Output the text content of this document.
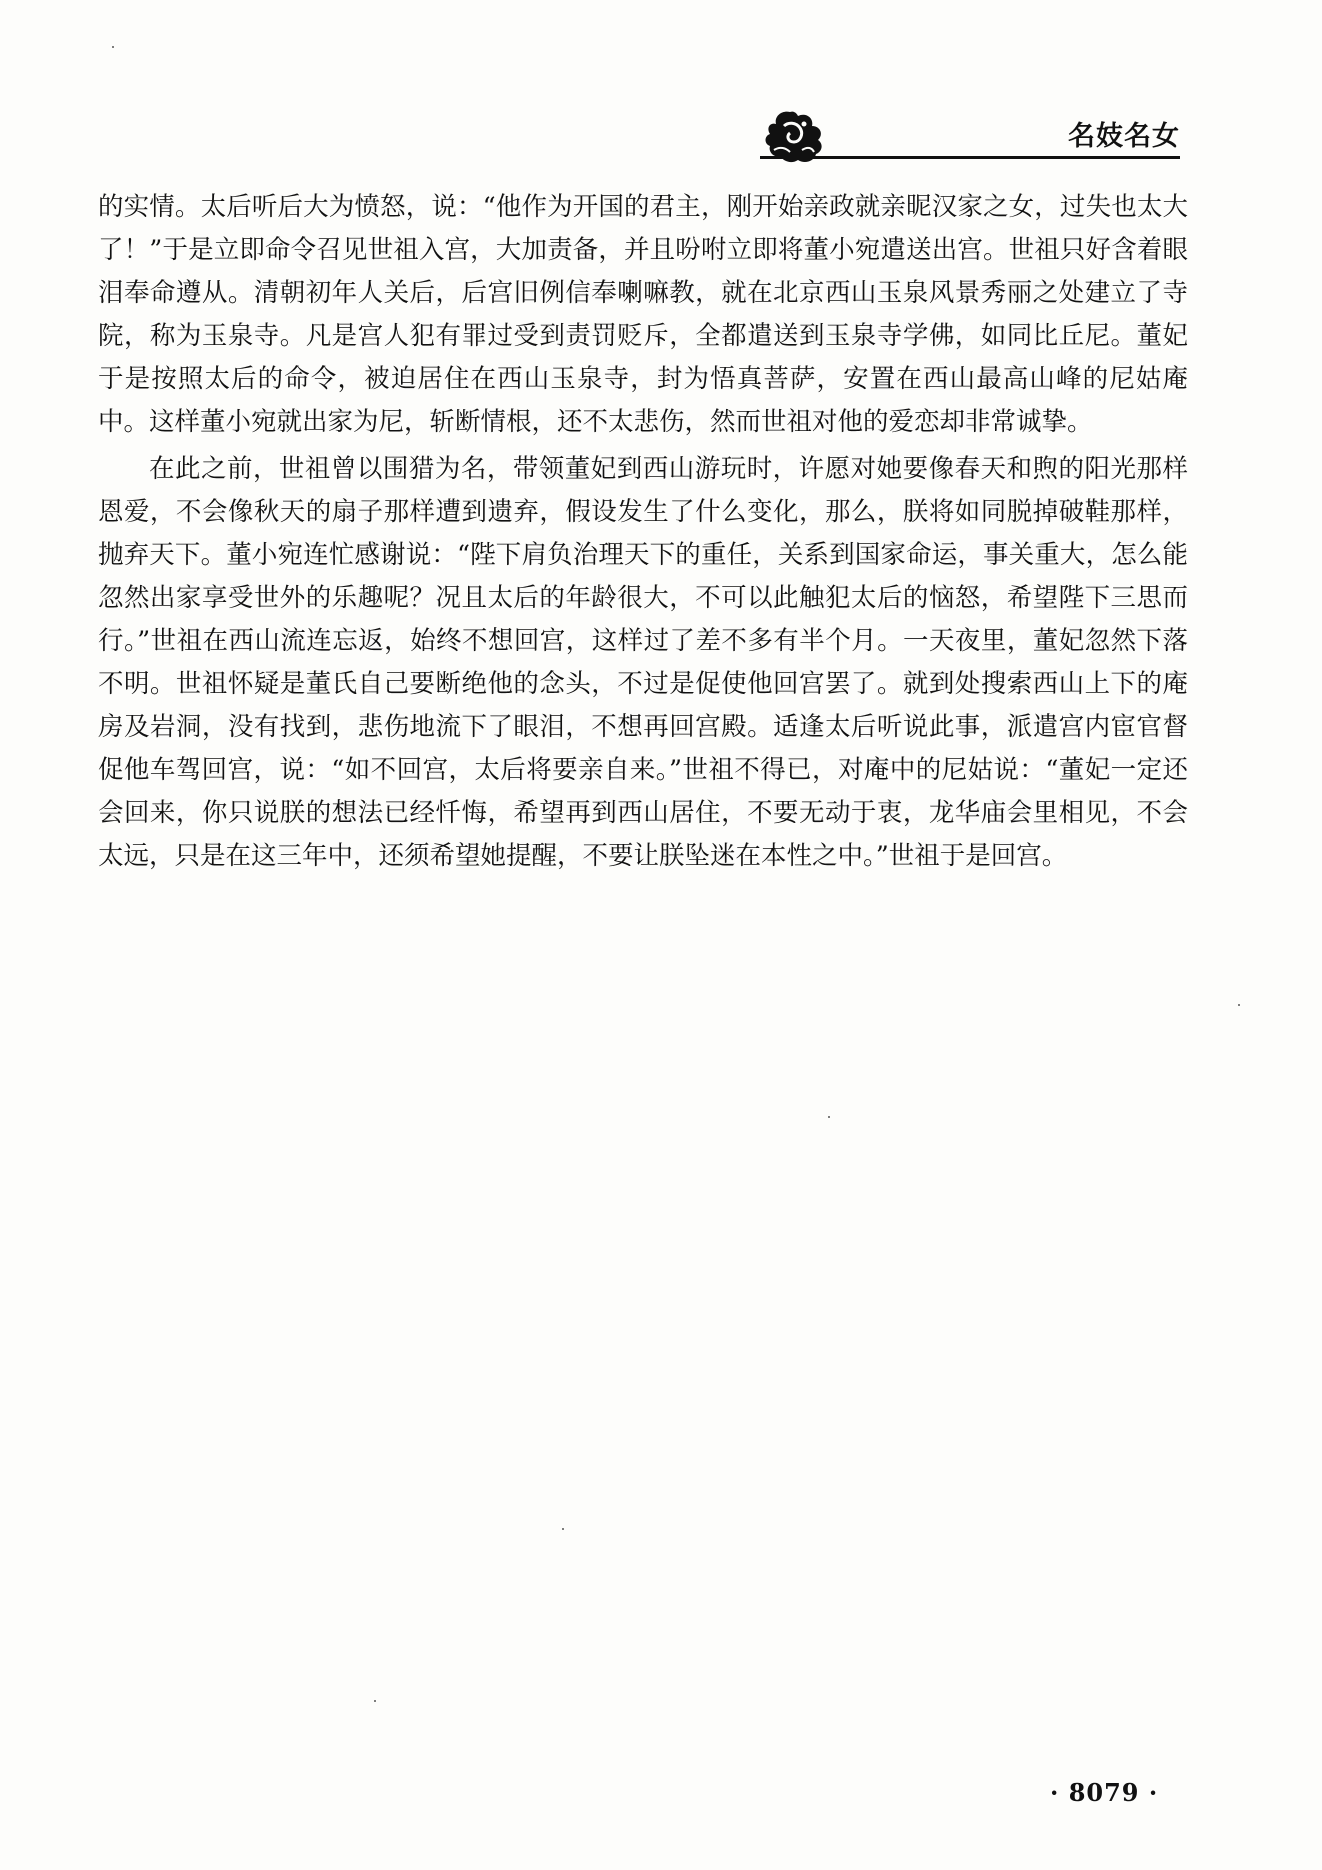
名妓名女

的实情。太后听后大为愤怒，说：“他作为开国的君主，刚开始亲政就亲昵汉家之女，过失也太大了！”于是立即命令召见世祖入宫，大加责备，并且吩咐立即将董小宛遣送出宫。世祖只好含着眼泪奉命遵从。清朝初年人关后，后宫旧例信奉喇嘛教，就在北京西山玉泉风景秀丽之处建立了寺院，称为玉泉寺。凡是宫人犯有罪过受到责罚贬斥，全都遣送到玉泉寺学佛，如同比丘尼。董妃于是按照太后的命令，被迫居住在西山玉泉寺，封为悟真菩萨，安置在西山最高山峰的尼姑庵中。这样董小宛就出家为尼，斩断情根，还不太悲伤，然而世祖对他的爱恋却非常诚挚。

在此之前，世祖曾以围猎为名，带领董妃到西山游玩时，许愿对她要像春天和煦的阳光那样恩爱，不会像秋天的扇子那样遭到遗弃，假设发生了什么变化，那么，朕将如同脱掉破鞋那样，抛弃天下。董小宛连忙感谢说：“陛下肩负治理天下的重任，关系到国家命运，事关重大，怎么能忽然出家享受世外的乐趣呢？况且太后的年龄很大，不可以此触犯太后的恼怒，希望陛下三思而行。”世祖在西山流连忘返，始终不想回宫，这样过了差不多有半个月。一天夜里，董妃忽然下落不明。世祖怀疑是董氏自己要断绝他的念头，不过是促使他回宫罢了。就到处搜索西山上下的庵房及岩洞，没有找到，悲伤地流下了眼泪，不想再回宫殿。适逢太后听说此事，派遣宫内宦官督促他车驾回宫，说：“如不回宫，太后将要亲自来。”世祖不得已，对庵中的尼姑说：“董妃一定还会回来，你只说朕的想法已经忏悔，希望再到西山居住，不要无动于衷，龙华庙会里相见，不会太远，只是在这三年中，还须希望她提醒，不要让朕坠迷在本性之中。”世祖于是回宫。

· 8079 ·
